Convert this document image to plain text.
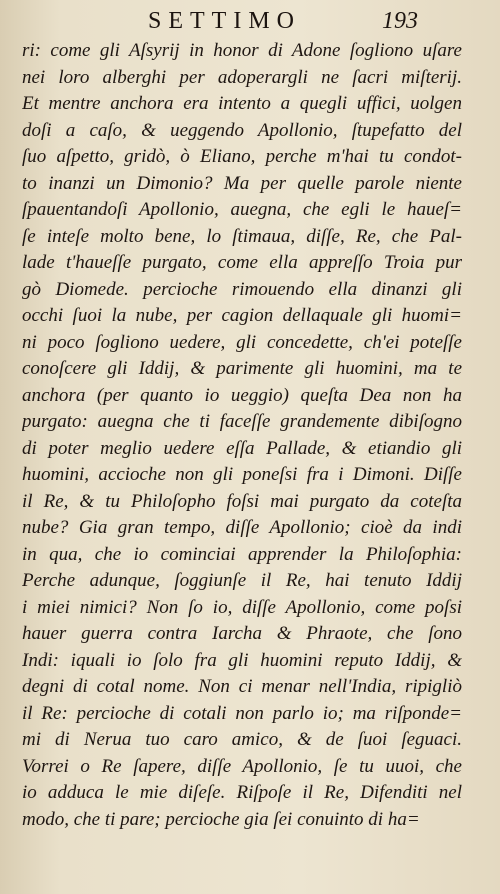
SETTIMO	193
ri: come gli Aſsyrij in honor di Adone ſogliono uſare
nei loro alberghi per adoperargli ne ſacri miſterij.
Et mentre anchora era intento a quegli uffici, uolgen
doſi a caſo, & ueggendo Apollonio, ſtupefatto del
ſuo aſpetto, gridò, ò Eliano, perche m'hai tu condot-
to inanzi un Dimonio? Ma per quelle parole niente
ſpauentandoſi Apollonio, auegna, che egli le haueſ=
ſe inteſe molto bene, lo ſtimaua, diſſe, Re, che Pal-
lade t'haueſſe purgato, come ella appreſſo Troia pur
gò Diomede. percioche rimouendo ella dinanzi gli
occhi ſuoi la nube, per cagion dellaquale gli huomi=
ni poco ſogliono uedere, gli concedette, ch'ei poteſſe
conoſcere gli Iddij, & parimente gli huomini, ma te
anchora (per quanto io ueggio) queſta Dea non ha
purgato: auegna che ti faceſſe grandemente dibiſogno
di poter meglio uedere eſſa Pallade, & etiandio gli
huomini, accioche non gli poneſsi fra i Dimoni. Diſſe
il Re, & tu Philoſopho foſsi mai purgato da coteſta
nube? Gia gran tempo, diſſe Apollonio; cioè da indi
in qua, che io cominciai apprender la Philoſophia:
Perche adunque, ſoggiunſe il Re, hai tenuto Iddij
i miei nimici? Non ſo io, diſſe Apollonio, come poſsi
hauer guerra contra Iarcha & Phraote, che ſono
Indi: iquali io ſolo fra gli huomini reputo Iddij, &
degni di cotal nome. Non ci menar nell'India, ripigliò
il Re: percioche di cotali non parlo io; ma riſponde=
mi di Nerua tuo caro amico, & de ſuoi ſeguaci.
Vorrei o Re ſapere, diſſe Apollonio, ſe tu uuoi, che
io adduca le mie diſeſe. Riſpoſe il Re, Difenditi nel
modo, che ti pare; percioche gia ſei conuinto di ha=
